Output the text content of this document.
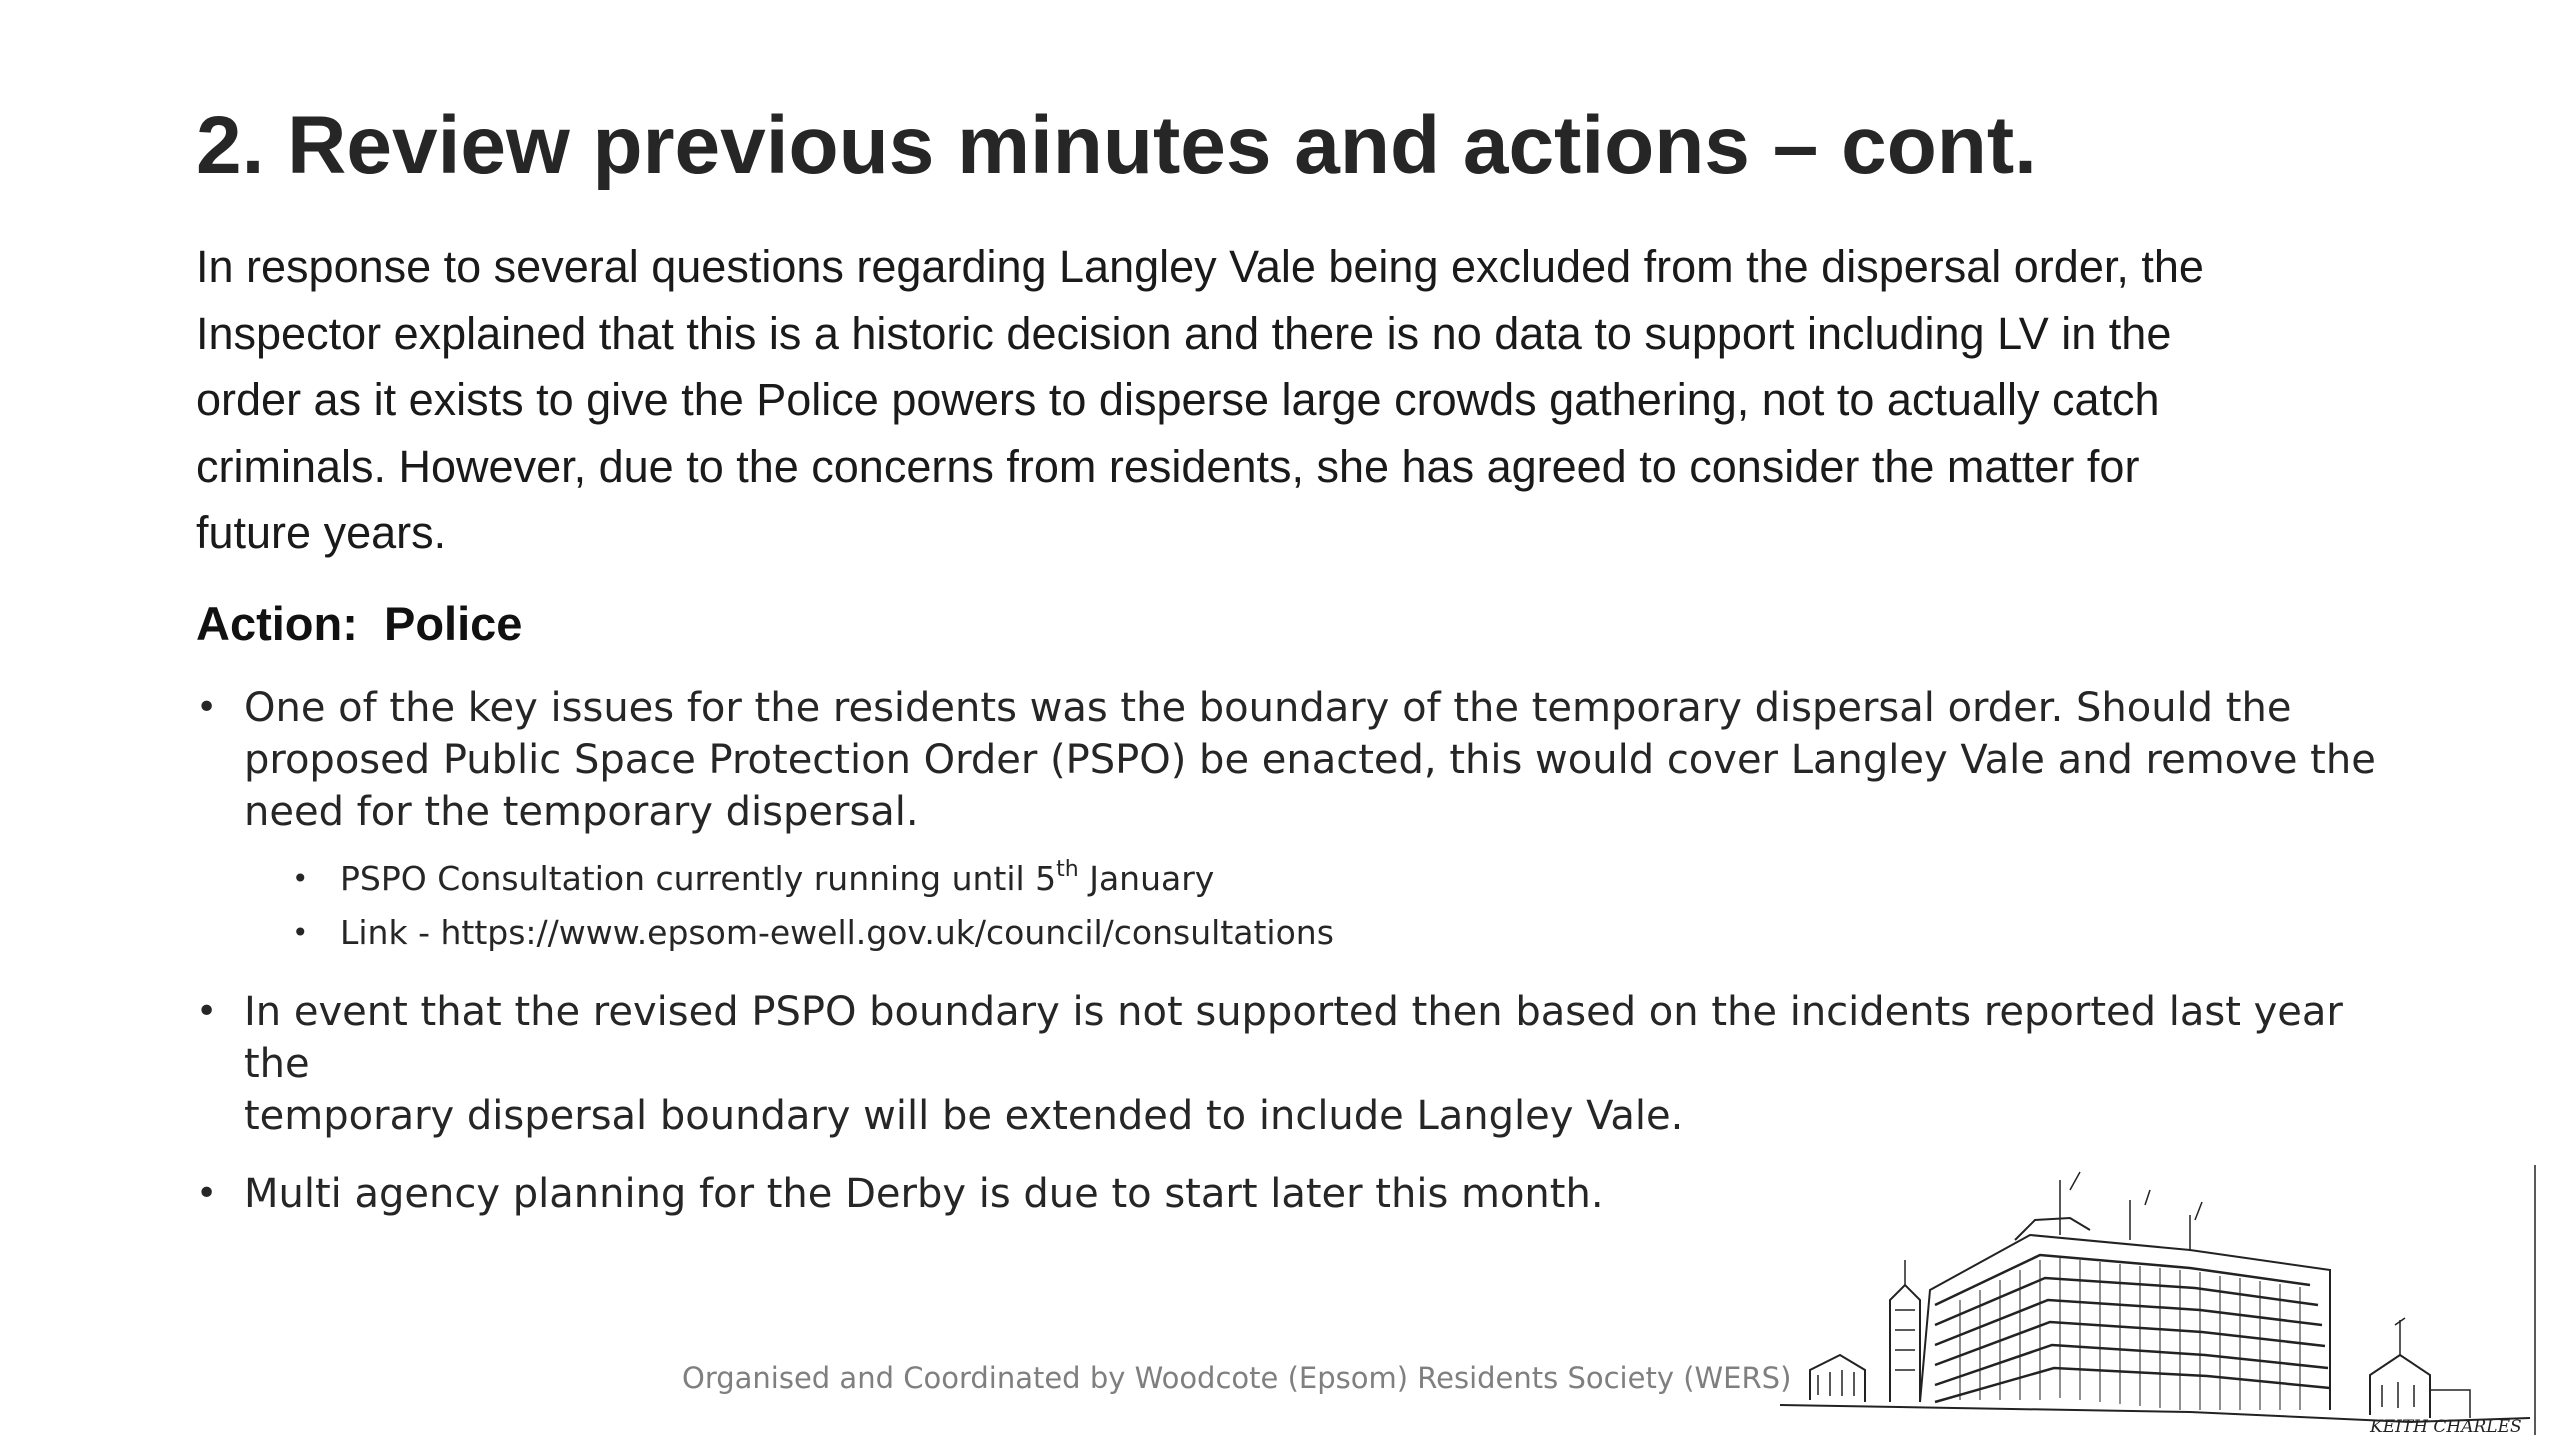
2. Review previous minutes and actions – cont.
In response to several questions regarding Langley Vale being excluded from the dispersal order, the
Inspector explained that this is a historic decision and there is no data to support including LV in the
order as it exists to give the Police powers to disperse large crowds gathering, not to actually catch
criminals. However, due to the concerns from residents, she has agreed to consider the matter for
future years.
Action:  Police
• One of the key issues for the residents was the boundary of the temporary dispersal order. Should the
proposed Public Space Protection Order (PSPO) be enacted, this would cover Langley Vale and remove the
need for the temporary dispersal.
• PSPO Consultation currently running until 5th January
• Link - https://www.epsom-ewell.gov.uk/council/consultations
• In event that the revised PSPO boundary is not supported then based on the incidents reported last year the
temporary dispersal boundary will be extended to include Langley Vale.
• Multi agency planning for the Derby is due to start later this month.
Organised and Coordinated by Woodcote (Epsom) Residents Society (WERS)
KEITH CHARLES
